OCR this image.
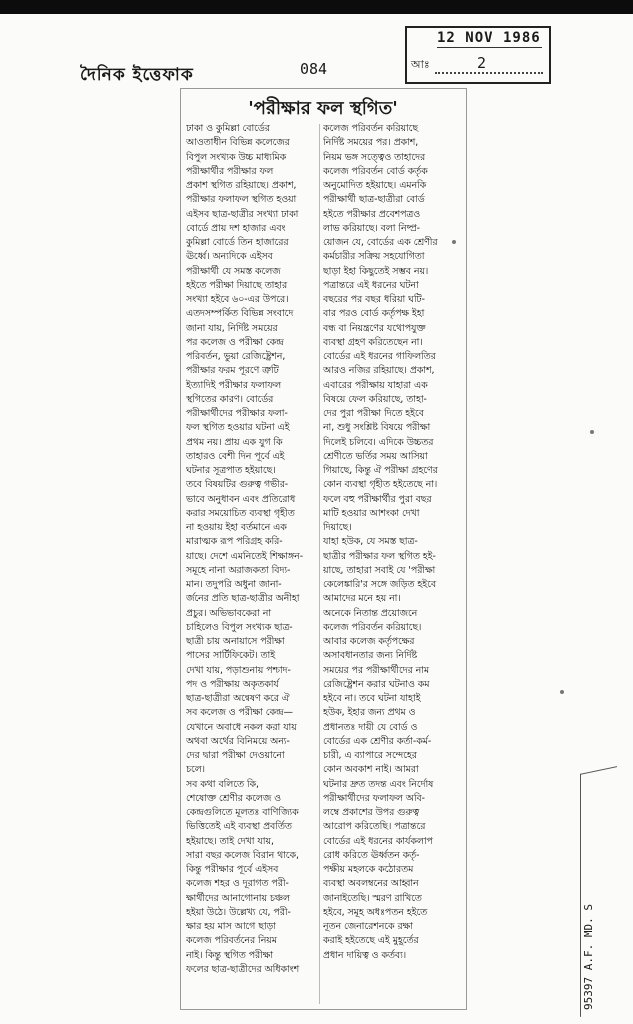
দৈনিক ইত্তেফাক	084
12 NOV 1986
আঃ	2
'পরীক্ষার ফল স্থগিত'
ঢাকা ও কুমিল্লা বোর্ডের
আওতাধীন বিভিন্ন কলেজের
বিপুল সংখ্যক উচ্চ মাধ্যমিক
পরীক্ষার্থীর পরীক্ষার ফল
প্রকাশ স্থগিত রহিয়াছে। প্রকাশ,
পরীক্ষার ফলাফল স্থগিত হওয়া
এইসব ছাত্র-ছাত্রীর সংখ্যা ঢাকা
বোর্ডে প্রায় দশ হাজার এবং
কুমিল্লা বোর্ডে তিন হাজারের
ঊর্ধ্বে। অন্যদিকে এইসব
পরীক্ষার্থী যে সমস্ত কলেজ
হইতে পরীক্ষা দিয়াছে তাহার
সংখ্যা হইবে ৬০-এর উপরে।
এতদসম্পর্কিত বিভিন্ন সংবাদে
জানা যায়, নির্দিষ্ট সময়ের
পর কলেজ ও পরীক্ষা কেন্দ্র
পরিবর্তন, ভুয়া রেজিষ্ট্রেশন,
পরীক্ষার ফরম পূরণে ত্রুটি
ইত্যাদিই পরীক্ষার ফলাফল
স্থগিতের কারণ। বোর্ডের
পরীক্ষার্থীদের পরীক্ষার ফলা-
ফল স্থগিত হওয়ার ঘটনা এই
প্রথম নয়। প্রায় এক যুগ কি
তাহারও বেশী দিন পূর্বে এই
ঘটনার সূত্রপাত হইয়াছে।
তবে বিষয়টির গুরুত্ব গভীর-
ভাবে অনুধাবন এবং প্রতিরোধ
করার সময়োচিত ব্যবস্থা গৃহীত
না হওয়ায় ইহা বর্তমানে এক
মারাত্মক রূপ পরিগ্রহ করি-
য়াছে। দেশে এমনিতেই শিক্ষাঙ্গন-
সমূহে নানা অরাজকতা বিদ্য-
মান। তদুপরি অধুনা জানা-
র্জনের প্রতি ছাত্র-ছাত্রীর অনীহা
প্রচুর। অভিভাবকেরা না
চাহিলেও বিপুল সংখ্যক ছাত্র-
ছাত্রী চায় অনায়াসে পরীক্ষা
পাসের সার্টিফিকেট। তাই
দেখা যায়, পড়াশুনায় পশ্চাদ-
পদ ও পরীক্ষায় অকৃতকার্য
ছাত্র-ছাত্রীরা অন্বেষণ করে ঐ
সব কলেজ ও পরীক্ষা কেন্দ্র—
যেখানে অবাধে নকল করা যায়
অথবা অর্থের বিনিময়ে অন্য-
দের দ্বারা পরীক্ষা দেওয়ানো
চলে।
সব কথা বলিতে কি,
শেষোক্ত শ্রেণীর কলেজ ও
কেন্দ্রগুলিতে মূলতঃ বাণিজ্যিক
ভিত্তিতেই এই ব্যবস্থা প্রবর্তিত
হইয়াছে। তাই দেখা যায়,
সারা বছর কলেজ বিরান থাকে,
কিন্তু পরীক্ষার পূর্বে এইসব
কলেজ শহর ও দূরাগত পরী-
ক্ষার্থীদের আনাগোনায় চঞ্চল
হইয়া উঠে। উল্লেখ্য যে, পরী-
ক্ষার হয় মাস আগে ছাড়া
কলেজ পরিবর্তনের নিয়ম
নাই। কিন্তু স্থগিত পরীক্ষা
ফলের ছাত্র-ছাত্রীদের অধিকাংশ
কলেজ পরিবর্তন করিয়াছে
নির্দিষ্ট সময়ের পর। প্রকাশ,
নিয়ম ভঙ্গ সত্ত্বেও তাহাদের
কলেজ পরিবর্তন বোর্ড কর্তৃক
অনুমোদিত হইয়াছে। এমনকি
পরীক্ষার্থী ছাত্র-ছাত্রীরা বোর্ড
হইতে পরীক্ষার প্রবেশপত্রও
লাভ করিয়াছে। বলা নিষ্প্র-
য়োজন যে, বোর্ডের এক শ্রেণীর
কর্মচারীর সক্রিয় সহযোগিতা
ছাড়া ইহা কিছুতেই সম্ভব নয়।
পত্রান্তরে এই ধরনের ঘটনা
বছরের পর বছর ধরিয়া ঘটি-
বার পরও বোর্ড কর্তৃপক্ষ ইহা
বন্ধ বা নিয়ন্ত্রণের যথোপযুক্ত
ব্যবস্থা গ্রহণ করিতেছেন না।
বোর্ডের এই ধরনের গাফিলতির
আরও নজির রহিয়াছে। প্রকাশ,
এবারের পরীক্ষায় যাহারা এক
বিষয়ে ফেল করিয়াছে, তাহা-
দের পুরা পরীক্ষা দিতে হইবে
না, শুধু সংশ্লিষ্ট বিষয়ে পরীক্ষা
দিলেই চলিবে। এদিকে উচ্চতর
শ্রেণীতে ভর্তির সময় আসিয়া
গিয়াছে, কিন্তু ঐ পরীক্ষা গ্রহণের
কোন ব্যবস্থা গৃহীত হইতেছে না।
ফলে বহু পরীক্ষার্থীর পুরা বছর
মাটি হওয়ার আশংকা দেখা
দিয়াছে।
যাহা হউক, যে সমস্ত ছাত্র-
ছাত্রীর পরীক্ষার ফল স্থগিত হই-
য়াছে, তাহারা সবাই যে 'পরীক্ষা
কেলেঙ্কারি'র সঙ্গে জড়িত হইবে
আমাদের মনে হয় না।
অনেকে নিতান্ত প্রয়োজনে
কলেজ পরিবর্তন করিয়াছে।
আবার কলেজ কর্তৃপক্ষের
অসাবধানতার জন্য নির্দিষ্ট
সময়ের পর পরীক্ষার্থীদের নাম
রেজিষ্ট্রেশন করার ঘটনাও কম
হইবে না। তবে ঘটনা যাহাই
হউক, ইহার জন্য প্রথম ও
প্রধানতঃ দায়ী যে বোর্ড ও
বোর্ডের এক শ্রেণীর কর্তা-কর্ম-
চারী, এ ব্যাপারে সন্দেহের
কোন অবকাশ নাই। আমরা
ঘটনার দ্রুত তদন্ত এবং নির্দোষ
পরীক্ষার্থীদের ফলাফল অবি-
লম্বে প্রকাশের উপর গুরুত্ব
আরোপ করিতেছি। পত্রান্তরে
বোর্ডের এই ধরনের কার্যকলাপ
রোধ করিতে ঊর্ধ্বতন কর্তৃ-
পক্ষীয় মহলকে কঠোরতম
ব্যবস্থা অবলম্বনের আহ্বান
জানাইতেছি। স্মরণ রাখিতে
হইবে, সমূহ অধঃপতন হইতে
নূতন জেনারেশনকে রক্ষা
করাই হইতেছে এই মুহূর্তের
প্রধান দায়িত্ব ও কর্তব্য।	95397 A.F. MD. S
